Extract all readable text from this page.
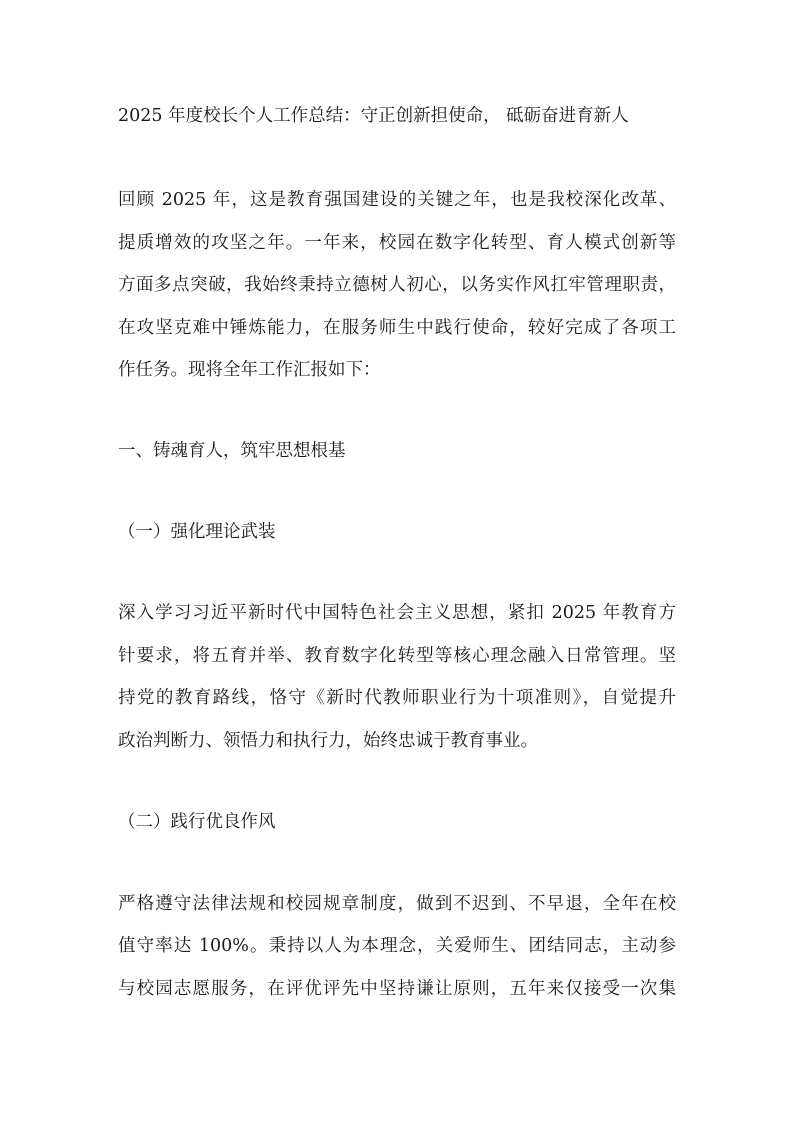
2025 年度校长个人工作总结：守正创新担使命， 砥砺奋进育新人
回顾 2025 年，这是教育强国建设的关键之年，也是我校深化改革、
提质增效的攻坚之年。一年来，校园在数字化转型、育人模式创新等
方面多点突破，我始终秉持立德树人初心，以务实作风扛牢管理职责，
在攻坚克难中锤炼能力，在服务师生中践行使命，较好完成了各项工
作任务。现将全年工作汇报如下：
一、铸魂育人，筑牢思想根基
（一）强化理论武装
深入学习习近平新时代中国特色社会主义思想，紧扣 2025 年教育方
针要求，将五育并举、教育数字化转型等核心理念融入日常管理。坚
持党的教育路线，恪守《新时代教师职业行为十项准则》，自觉提升
政治判断力、领悟力和执行力，始终忠诚于教育事业。
（二）践行优良作风
严格遵守法律法规和校园规章制度，做到不迟到、不早退，全年在校
值守率达 100%。秉持以人为本理念，关爱师生、团结同志，主动参
与校园志愿服务，在评优评先中坚持谦让原则，五年来仅接受一次集
